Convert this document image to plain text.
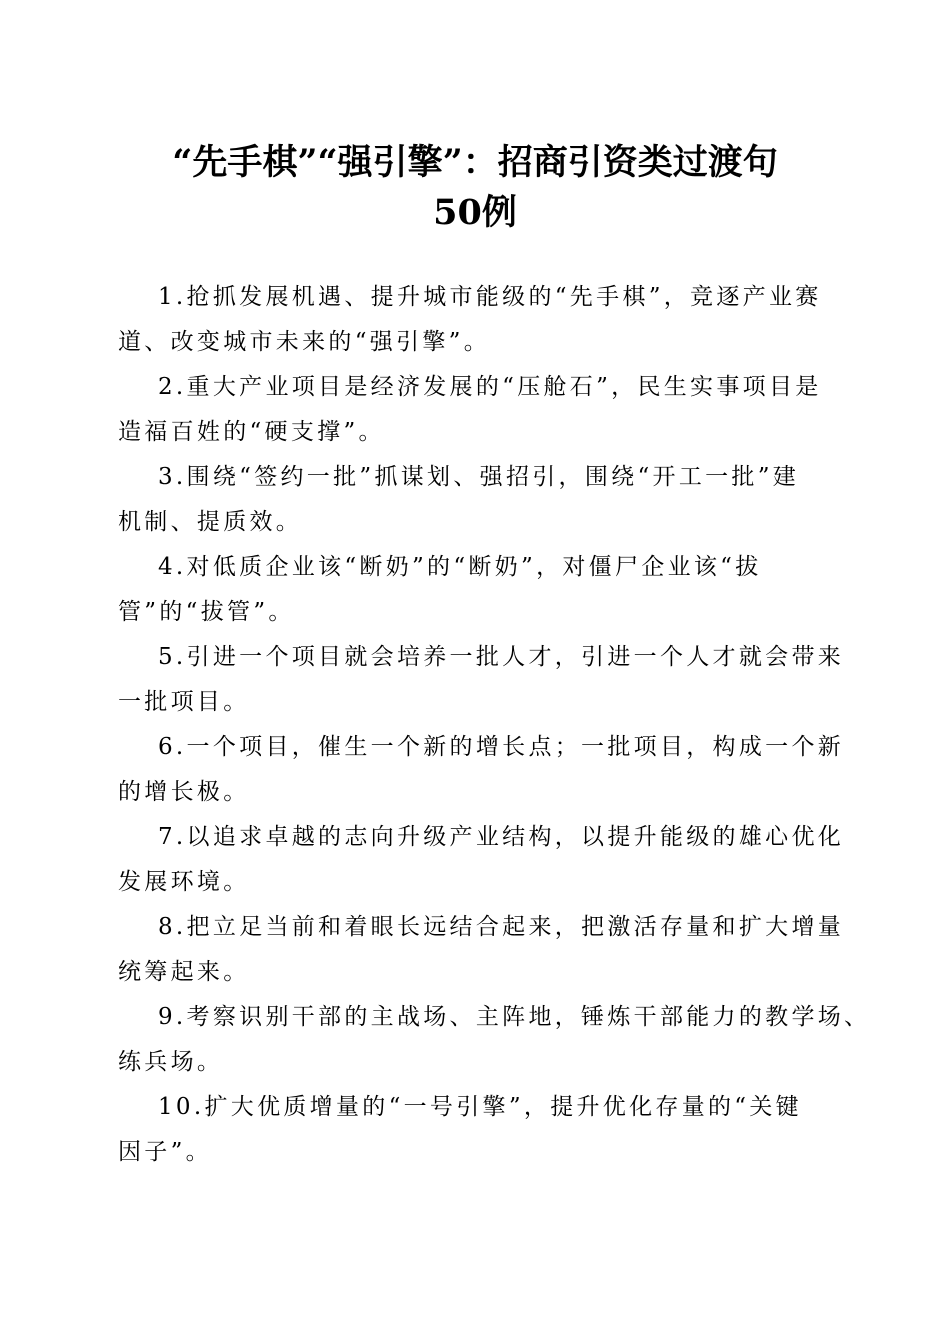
“先手棋”“强引擎”：招商引资类过渡句
50例

1.抢抓发展机遇、提升城市能级的“先手棋”，竞逐产业赛
道、改变城市未来的“强引擎”。

2.重大产业项目是经济发展的“压舱石”，民生实事项目是
造福百姓的“硬支撑”。

3.围绕“签约一批”抓谋划、强招引，围绕“开工一批”建
机制、提质效。

4.对低质企业该“断奶”的“断奶”，对僵尸企业该“拔
管”的“拔管”。

5.引进一个项目就会培养一批人才，引进一个人才就会带来
一批项目。

6.一个项目，催生一个新的增长点；一批项目，构成一个新
的增长极。

7.以追求卓越的志向升级产业结构，以提升能级的雄心优化
发展环境。

8.把立足当前和着眼长远结合起来，把激活存量和扩大增量
统筹起来。

9.考察识别干部的主战场、主阵地，锤炼干部能力的教学场、
练兵场。

10.扩大优质增量的“一号引擎”，提升优化存量的“关键
因子”。
